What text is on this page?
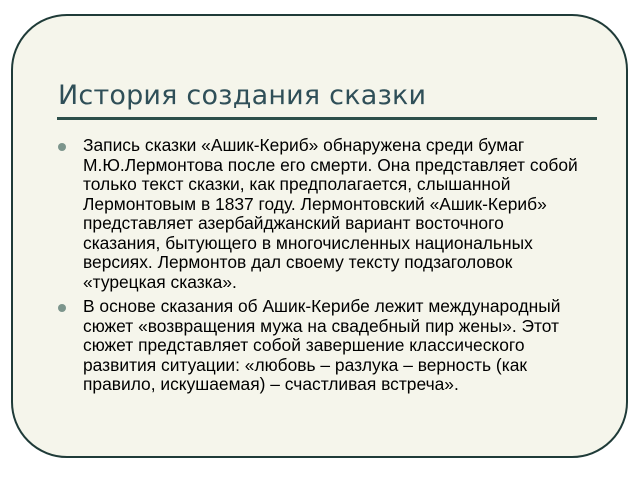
История создания сказки
Запись сказки «Ашик-Кериб» обнаружена среди бумаг М.Ю.Лермонтова после его смерти. Она представляет собой только текст сказки, как предполагается, слышанной Лермонтовым в 1837 году. Лермонтовский «Ашик-Кериб» представляет азербайджанский вариант восточного сказания, бытующего в многочисленных национальных версиях. Лермонтов дал своему тексту подзаголовок «турецкая сказка».
В основе сказания об Ашик-Керибе лежит международный сюжет «возвращения мужа на свадебный пир жены». Этот сюжет представляет собой завершение классического развития ситуации: «любовь – разлука – верность (как правило, искушаемая) – счастливая встреча».
